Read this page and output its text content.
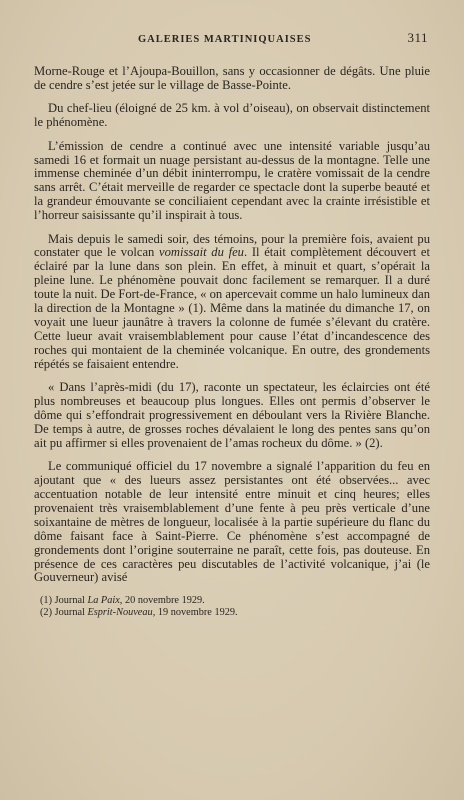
GALERIES MARTINIQUAISES	311

Morne-Rouge et l’Ajoupa-Bouillon, sans y occasionner de dégâts. Une pluie de cendre s’est jetée sur le village de Basse-Pointe.

Du chef-lieu (éloigné de 25 km. à vol d’oiseau), on observait distinctement le phénomène.

L’émission de cendre a continué avec une intensité variable jusqu’au samedi 16 et formait un nuage persistant au-dessus de la montagne. Telle une immense cheminée d’un débit ininterrompu, le cratère vomissait de la cendre sans arrêt. C’était merveille de regarder ce spectacle dont la superbe beauté et la grandeur émouvante se conciliaient cependant avec la crainte irrésistible et l’horreur saisissante qu’il inspirait à tous.

Mais depuis le samedi soir, des témoins, pour la première fois, avaient pu constater que le volcan vomissait du feu. Il était complètement découvert et éclairé par la lune dans son plein. En effet, à minuit et quart, s’opérait la pleine lune. Le phénomène pouvait donc facilement se remarquer. Il a duré toute la nuit. De Fort-de-France, « on apercevait comme un halo lumineux dan la direction de la Montagne » (1). Même dans la matinée du dimanche 17, on voyait une lueur jaunâtre à travers la colonne de fumée s’élevant du cratère. Cette lueur avait vraisemblablement pour cause l’état d’incandescence des roches qui montaient de la cheminée volcanique. En outre, des grondements répétés se faisaient entendre.

« Dans l’après-midi (du 17), raconte un spectateur, les éclaircies ont été plus nombreuses et beaucoup plus longues. Elles ont permis d’observer le dôme qui s’effondrait progressivement en déboulant vers la Rivière Blanche. De temps à autre, de grosses roches dévalaient le long des pentes sans qu’on ait pu affirmer si elles provenaient de l’amas rocheux du dôme. » (2).

Le communiqué officiel du 17 novembre a signalé l’apparition du feu en ajoutant que « des lueurs assez persistantes ont été observées... avec accentuation notable de leur intensité entre minuit et cinq heures; elles provenaient très vraisemblablement d’une fente à peu près verticale d’une soixantaine de mètres de longueur, localisée à la partie supérieure du flanc du dôme faisant face à Saint-Pierre. Ce phénomène s’est accompagné de grondements dont l’origine souterraine ne paraît, cette fois, pas douteuse. En présence de ces caractères peu discutables de l’activité volcanique, j’ai (le Gouverneur) avisé

(1) Journal La Paix, 20 novembre 1929.
(2) Journal Esprit-Nouveau, 19 novembre 1929.
